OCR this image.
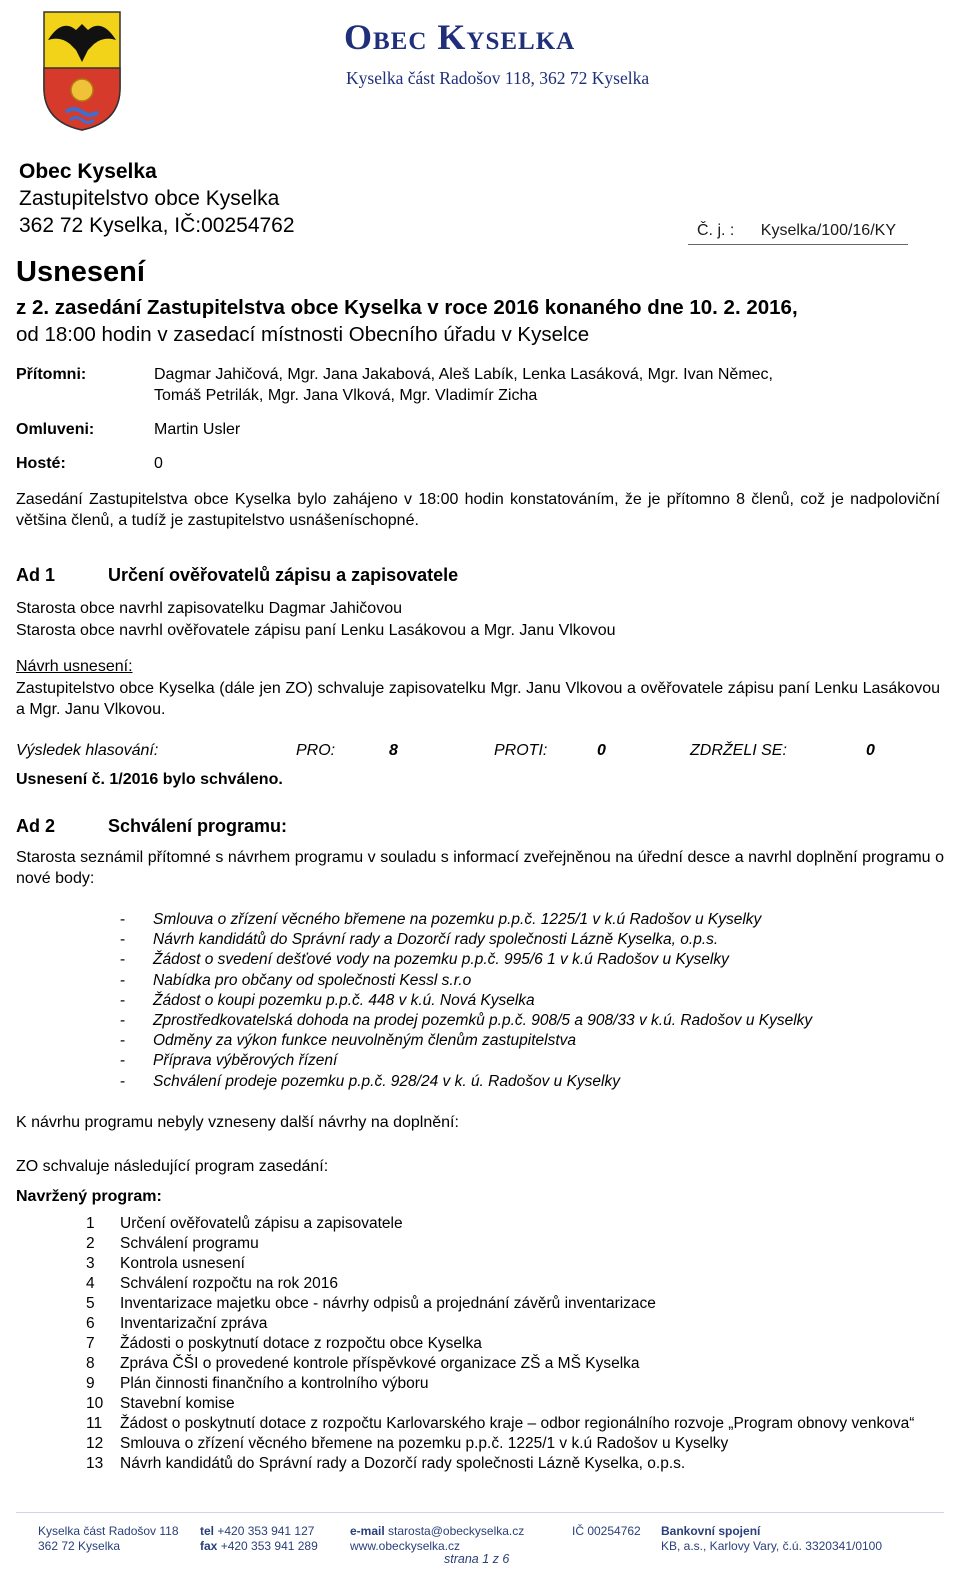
Obec Kyselka
Kyselka část Radošov 118, 362 72 Kyselka
Obec Kyselka
Zastupitelstvo obce Kyselka
362 72 Kyselka, IČ:00254762	Č. j. : Kyselka/100/16/KY
Usnesení
z 2. zasedání Zastupitelstva obce Kyselka v roce 2016 konaného dne 10. 2. 2016,
od 18:00 hodin v zasedací místnosti Obecního úřadu v Kyselce
Přítomni:	Dagmar Jahičová, Mgr. Jana Jakabová, Aleš Labík, Lenka Lasáková, Mgr. Ivan Němec,
Tomáš Petrilák, Mgr. Jana Vlková, Mgr. Vladimír Zicha
Omluveni:	Martin Usler
Hosté:	0
Zasedání Zastupitelstva obce Kyselka bylo zahájeno v 18:00 hodin konstatováním, že je přítomno 8 členů, což je nadpoloviční většina členů, a tudíž je zastupitelstvo usnášeníschopné.
Ad 1	Určení ověřovatelů zápisu a zapisovatele
Starosta obce navrhl zapisovatelku Dagmar Jahičovou
Starosta obce navrhl ověřovatele zápisu paní Lenku Lasákovou a Mgr. Janu Vlkovou
Návrh usnesení:
Zastupitelstvo obce Kyselka (dále jen ZO) schvaluje zapisovatelku Mgr. Janu Vlkovou a ověřovatele zápisu paní Lenku Lasákovou a Mgr. Janu Vlkovou.
Výsledek hlasování:	PRO:	8	PROTI:	0	ZDRŽELI SE:	0
Usnesení č. 1/2016 bylo schváleno.
Ad 2	Schválení programu:
Starosta seznámil přítomné s návrhem programu v souladu s informací zveřejněnou na úřední desce a navrhl doplnění programu o nové body:
-	Smlouva o zřízení věcného břemene na pozemku p.p.č. 1225/1 v k.ú Radošov u Kyselky
-	Návrh kandidátů do Správní rady a Dozorčí rady společnosti Lázně Kyselka, o.p.s.
-	Žádost o svedení dešťové vody na pozemku p.p.č. 995/6 1 v k.ú Radošov u Kyselky
-	Nabídka pro občany od společnosti Kessl s.r.o
-	Žádost o koupi pozemku p.p.č. 448 v k.ú. Nová Kyselka
-	Zprostředkovatelská dohoda na prodej pozemků p.p.č. 908/5 a 908/33 v k.ú. Radošov u Kyselky
-	Odměny za výkon funkce neuvolněným členům zastupitelstva
-	Příprava výběrových řízení
-	Schválení prodeje pozemku p.p.č. 928/24 v k. ú. Radošov u Kyselky
K návrhu programu nebyly vzneseny další návrhy na doplnění:
ZO schvaluje následující program zasedání:
Navržený program:
1	Určení ověřovatelů zápisu a zapisovatele
2	Schválení programu
3	Kontrola usnesení
4	Schválení rozpočtu na rok 2016
5	Inventarizace majetku obce - návrhy odpisů a projednání závěrů inventarizace
6	Inventarizační zpráva
7	Žádosti o poskytnutí dotace z rozpočtu obce Kyselka
8	Zpráva ČŠI o provedené kontrole příspěvkové organizace ZŠ a MŠ Kyselka
9	Plán činnosti finančního a kontrolního výboru
10	Stavební komise
11	Žádost o poskytnutí dotace z rozpočtu Karlovarského kraje – odbor regionálního rozvoje „Program obnovy venkova“
12	Smlouva o zřízení věcného břemene na pozemku p.p.č. 1225/1 v k.ú Radošov u Kyselky
13	Návrh kandidátů do Správní rady a Dozorčí rady společnosti Lázně Kyselka, o.p.s.
Kyselka část Radošov 118
362 72 Kyselka
tel +420 353 941 127
fax +420 353 941 289
e-mail starosta@obeckyselka.cz
www.obeckyselka.cz
IČ 00254762 Bankovní spojení
KB, a.s., Karlovy Vary, č.ú. 3320341/0100
strana 1 z 6
